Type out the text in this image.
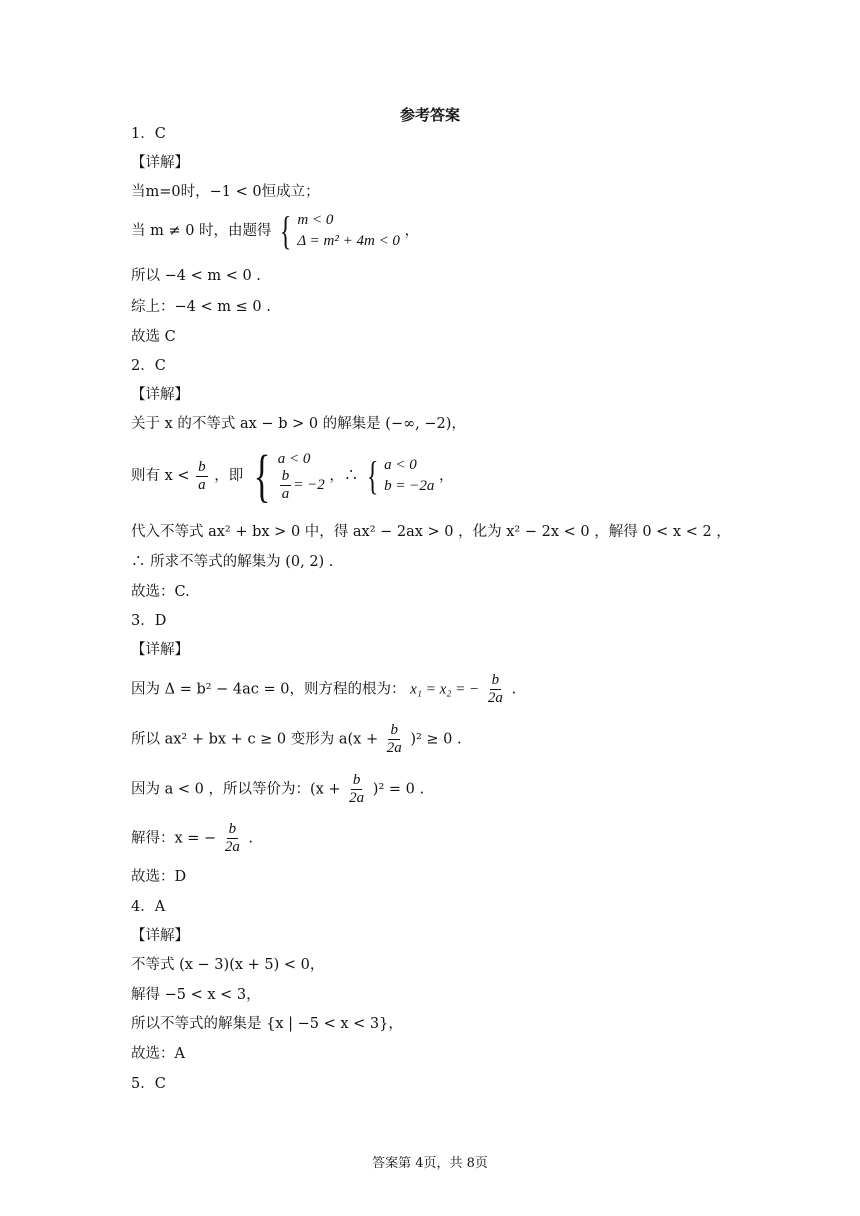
参考答案
1．C
【详解】
当m=0时，−1 < 0恒成立；
当 m ≠ 0 时，由题得 { m < 0
Δ = m² + 4m < 0
，
所以 −4 < m < 0 .
综上：−4 < m ≤ 0 .
故选 C
2．C
【详解】
关于 x 的不等式 ax − b > 0 的解集是 (−∞, −2)，
则有 $x < \frac{b}{a}$ ，即 { a < 0
$\frac{b}{a} = -2$
，∴ { a < 0
b = −2a
，
代入不等式 ax² + bx > 0 中，得 ax² − 2ax > 0 ，化为 x² − 2x < 0 ，解得 0 < x < 2 ，
∴ 所求不等式的解集为 (0, 2) .
故选：C.
3．D
【详解】
因为 Δ = b² − 4ac = 0，则方程的根为： x₁ = x₂ = − $\frac{b}{2a}$ .
所以 ax² + bx + c ≥ 0 变形为 $a(x + \frac{b}{2a} )^2 \ge 0$ .
因为 a < 0 ，所以等价为：$(x + \frac{b}{2a} )^2 = 0$ .
解得：x = − $\frac{b}{2a}$ .
故选：D
4．A
【详解】
不等式 (x − 3)(x + 5) < 0，
解得 −5 < x < 3，
所以不等式的解集是 {x | −5 < x < 3}，
故选：A
5．C
答案第 4页，共 8页
